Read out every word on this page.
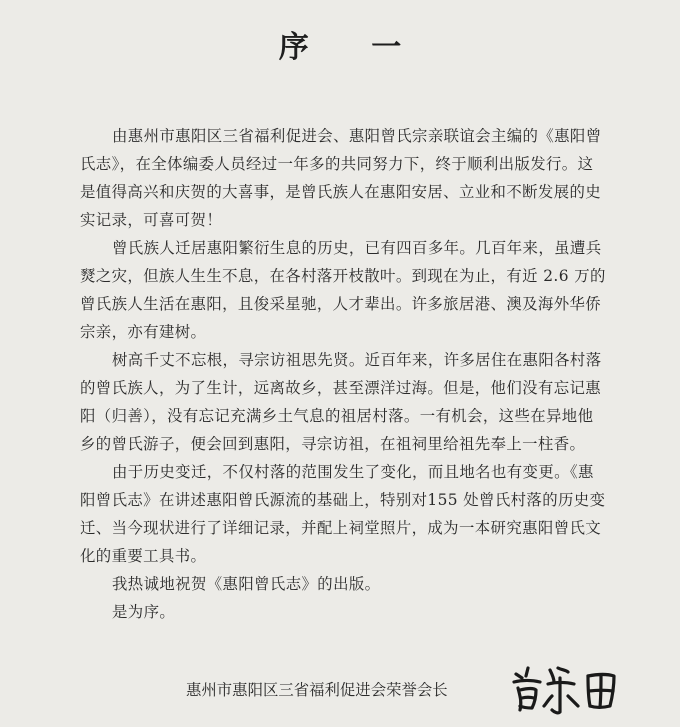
序 一
由惠州市惠阳区三省福利促进会、惠阳曾氏宗亲联谊会主编的《惠阳曾
氏志》，在全体编委人员经过一年多的共同努力下，终于顺利出版发行。这
是值得高兴和庆贺的大喜事，是曾氏族人在惠阳安居、立业和不断发展的史
实记录，可喜可贺！
曾氏族人迁居惠阳繁衍生息的历史，已有四百多年。几百年来，虽遭兵
燹之灾，但族人生生不息，在各村落开枝散叶。到现在为止，有近 2.6 万的
曾氏族人生活在惠阳，且俊采星驰，人才辈出。许多旅居港、澳及海外华侨
宗亲，亦有建树。
树高千丈不忘根，寻宗访祖思先贤。近百年来，许多居住在惠阳各村落
的曾氏族人，为了生计，远离故乡，甚至漂洋过海。但是，他们没有忘记惠
阳（归善），没有忘记充满乡土气息的祖居村落。一有机会，这些在异地他
乡的曾氏游子，便会回到惠阳，寻宗访祖，在祖祠里给祖先奉上一柱香。
由于历史变迁，不仅村落的范围发生了变化，而且地名也有变更。《惠
阳曾氏志》在讲述惠阳曾氏源流的基础上，特别对155 处曾氏村落的历史变
迁、当今现状进行了详细记录，并配上祠堂照片，成为一本研究惠阳曾氏文
化的重要工具书。
我热诚地祝贺《惠阳曾氏志》的出版。
是为序。
惠州市惠阳区三省福利促进会荣誉会长
